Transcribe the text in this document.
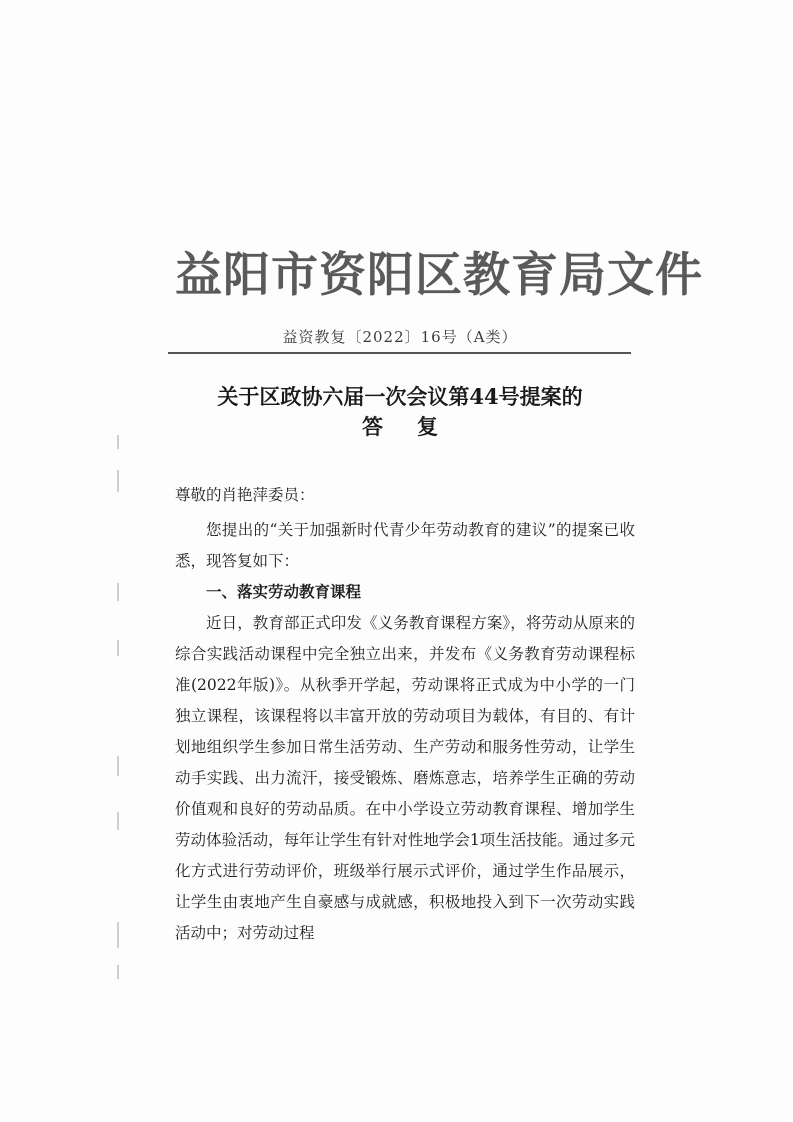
益阳市资阳区教育局文件
益资教复〔2022〕16号（A类）
关于区政协六届一次会议第44号提案的
答复

尊敬的肖艳萍委员：

您提出的“关于加强新时代青少年劳动教育的建议”的提案已收悉，现答复如下：

一、落实劳动教育课程

近日，教育部正式印发《义务教育课程方案》，将劳动从原来的综合实践活动课程中完全独立出来，并发布《义务教育劳动课程标准(2022年版)》。从秋季开学起，劳动课将正式成为中小学的一门独立课程，该课程将以丰富开放的劳动项目为载体，有目的、有计划地组织学生参加日常生活劳动、生产劳动和服务性劳动，让学生动手实践、出力流汗，接受锻炼、磨炼意志，培养学生正确的劳动价值观和良好的劳动品质。在中小学设立劳动教育课程、增加学生劳动体验活动，每年让学生有针对性地学会1项生活技能。通过多元化方式进行劳动评价，班级举行展示式评价，通过学生作品展示，让学生由衷地产生自豪感与成就感，积极地投入到下一次劳动实践活动中；对劳动过程
